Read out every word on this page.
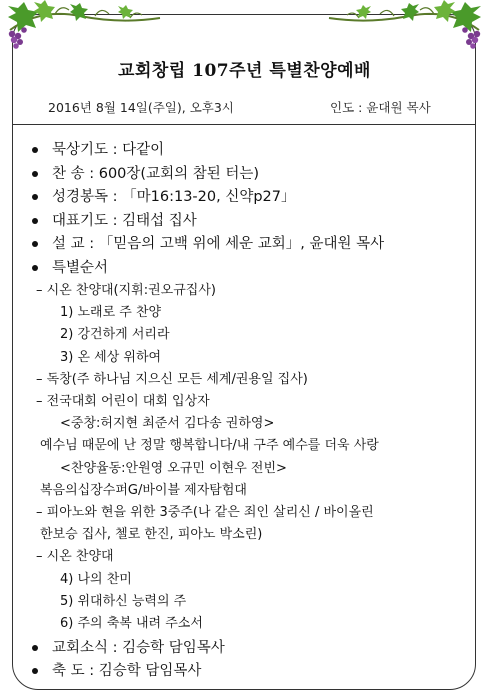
교회창립 107주년 특별찬양예배
2016년 8월 14일(주일), 오후3시	인도 : 윤대원 목사
묵상기도 : 다같이
찬 송 : 600장(교회의 참된 터는)
성경봉독 : 「마16:13-20, 신약p27」
대표기도 : 김태섭 집사
설 교 : 「믿음의 고백 위에 세운 교회」, 윤대원 목사
특별순서
– 시온 찬양대(지휘:권오규집사)
1) 노래로 주 찬양
2) 강건하게 서리라
3) 온 세상 위하여
– 독창(주 하나님 지으신 모든 세계/권용일 집사)
– 전국대회 어린이 대회 입상자
<중창:허지현 최준서 김다송 권하영>
예수님 때문에 난 정말 행복합니다/내 구주 예수를 더욱 사랑
<찬양율동:안원영 오규민 이현우 전빈>
복음의십장수퍼G/바이블 제자탐험대
– 피아노와 현을 위한 3중주(나 같은 죄인 살리신 / 바이올린
한보승 집사, 첼로 한진, 피아노 박소린)
– 시온 찬양대
4) 나의 찬미
5) 위대하신 능력의 주
6) 주의 축복 내려 주소서
교회소식 : 김승학 담임목사
축 도 : 김승학 담임목사
